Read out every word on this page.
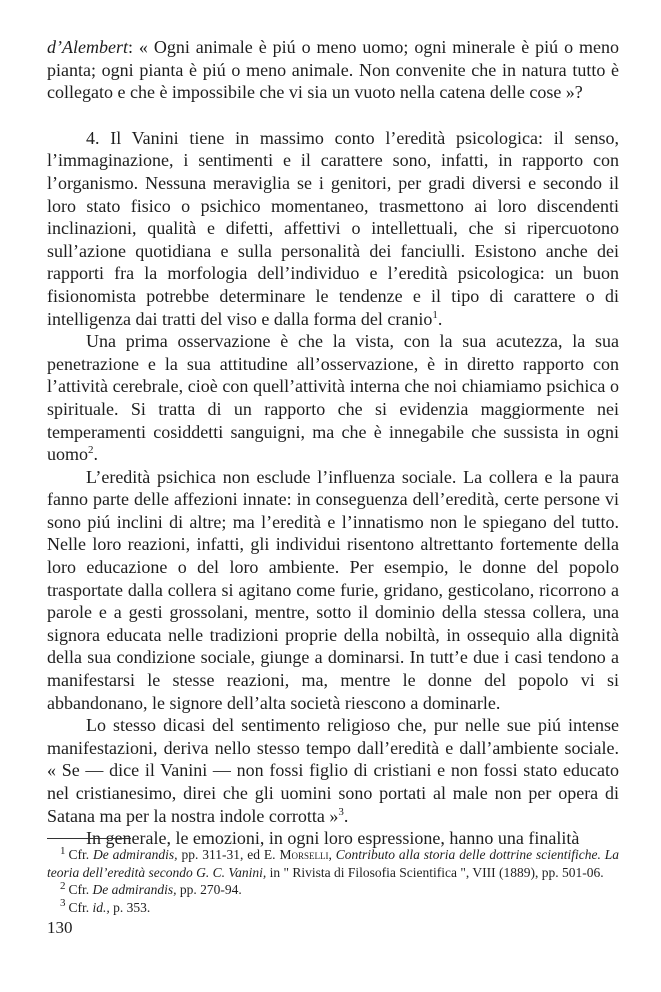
d’Alembert: « Ogni animale è piú o meno uomo; ogni minerale è piú o meno pianta; ogni pianta è piú o meno animale. Non convenite che in natura tutto è collegato e che è impossibile che vi sia un vuoto nella catena delle cose »?

4. Il Vanini tiene in massimo conto l’eredità psicologica: il senso, l’immaginazione, i sentimenti e il carattere sono, infatti, in rapporto con l’organismo. Nessuna meraviglia se i genitori, per gradi diversi e secondo il loro stato fisico o psichico momentaneo, trasmettono ai loro discendenti inclinazioni, qualità e difetti, affettivi o intellettuali, che si ripercuotono sull’azione quotidiana e sulla personalità dei fanciulli. Esistono anche dei rapporti fra la morfologia dell’individuo e l’eredità psicologica: un buon fisionomista potrebbe determinare le tendenze e il tipo di carattere o di intelligenza dai tratti del viso e dalla forma del cranio$^1$.

Una prima osservazione è che la vista, con la sua acutezza, la sua penetrazione e la sua attitudine all’osservazione, è in diretto rapporto con l’attività cerebrale, cioè con quell’attività interna che noi chiamiamo psichica o spirituale. Si tratta di un rapporto che si evidenzia maggiormente nei temperamenti cosiddetti sanguigni, ma che è innegabile che sussista in ogni uomo$^2$.

L’eredità psichica non esclude l’influenza sociale. La collera e la paura fanno parte delle affezioni innate: in conseguenza dell’eredità, certe persone vi sono piú inclini di altre; ma l’eredità e l’innatismo non le spiegano del tutto. Nelle loro reazioni, infatti, gli individui risentono altrettanto fortemente della loro educazione o del loro ambiente. Per esempio, le donne del popolo trasportate dalla collera si agitano come furie, gridano, gesticolano, ricorrono a parole e a gesti grossolani, mentre, sotto il dominio della stessa collera, una signora educata nelle tradizioni proprie della nobiltà, in ossequio alla dignità della sua condizione sociale, giunge a dominarsi. In tutt’e due i casi tendono a manifestarsi le stesse reazioni, ma, mentre le donne del popolo vi si abbandonano, le signore dell’alta società riescono a dominarle.

Lo stesso dicasi del sentimento religioso che, pur nelle sue piú intense manifestazioni, deriva nello stesso tempo dall’eredità e dall’ambiente sociale. « Se — dice il Vanini — non fossi figlio di cristiani e non fossi stato educato nel cristianesimo, direi che gli uomini sono portati al male non per opera di Satana ma per la nostra indole corrotta »$^3$.

In generale, le emozioni, in ogni loro espressione, hanno una finalità

$^1$ Cfr. De admirandis, pp. 311-31, ed E. Morselli, Contributo alla storia delle dottrine scientifiche. La teoria dell’eredità secondo G. C. Vanini, in " Rivista di Filosofia Scientifica ", VIII (1889), pp. 501-06.

$^2$ Cfr. De admirandis, pp. 270-94.

$^3$ Cfr. id., p. 353.

130
